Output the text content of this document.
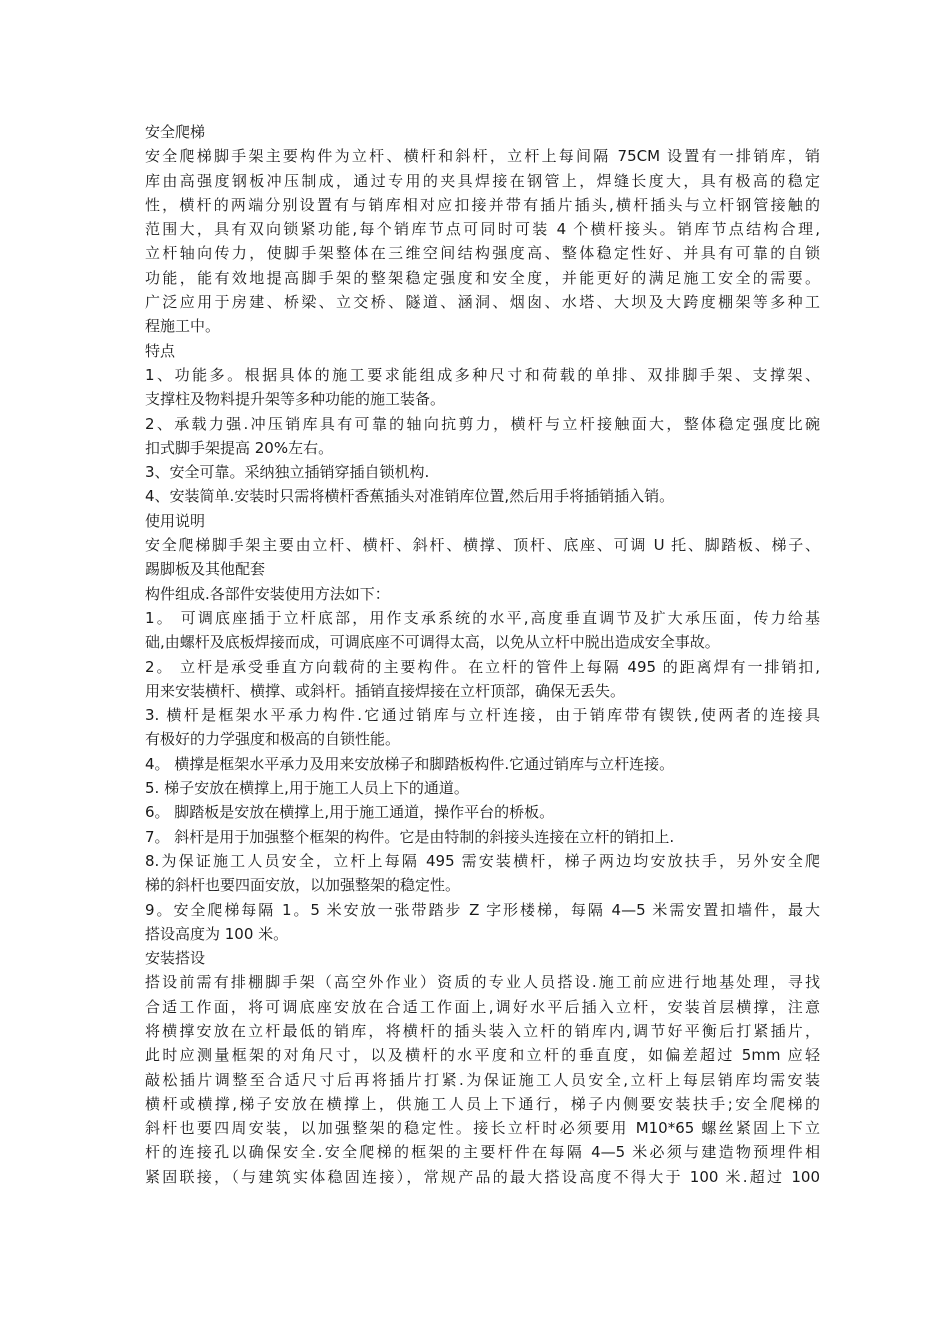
安全爬梯
安全爬梯脚手架主要构件为立杆、横杆和斜杆，立杆上每间隔 75CM 设置有一排销库，销
库由高强度钢板冲压制成，通过专用的夹具焊接在钢管上，焊缝长度大，具有极高的稳定
性，横杆的两端分别设置有与销库相对应扣接并带有插片插头,横杆插头与立杆钢管接触的
范围大，具有双向锁紧功能,每个销库节点可同时可装 4 个横杆接头。销库节点结构合理,
立杆轴向传力，使脚手架整体在三维空间结构强度高、整体稳定性好、并具有可靠的自锁
功能，能有效地提高脚手架的整架稳定强度和安全度，并能更好的满足施工安全的需要。
广泛应用于房建、桥梁、立交桥、隧道、涵洞、烟囱、水塔、大坝及大跨度棚架等多种工
程施工中。
特点
1、功能多。根据具体的施工要求能组成多种尺寸和荷载的单排、双排脚手架、支撑架、
支撑柱及物料提升架等多种功能的施工装备。
2、承载力强.冲压销库具有可靠的轴向抗剪力，横杆与立杆接触面大，整体稳定强度比碗
扣式脚手架提高 20%左右。
3、安全可靠。采纳独立插销穿插自锁机构.
4、安装简单.安装时只需将横杆香蕉插头对准销库位置,然后用手将插销插入销。
使用说明
安全爬梯脚手架主要由立杆、横杆、斜杆、横撑、顶杆、底座、可调 U 托、脚踏板、梯子、
踢脚板及其他配套
构件组成.各部件安装使用方法如下：
1。 可调底座插于立杆底部，用作支承系统的水平,高度垂直调节及扩大承压面，传力给基
础,由螺杆及底板焊接而成，可调底座不可调得太高，以免从立杆中脱出造成安全事故。
2。 立杆是承受垂直方向载荷的主要构件。在立杆的管件上每隔 495 的距离焊有一排销扣,
用来安装横杆、横撑、或斜杆。插销直接焊接在立杆顶部，确保无丢失。
3. 横杆是框架水平承力构件.它通过销库与立杆连接，由于销库带有锲铁,使两者的连接具
有极好的力学强度和极高的自锁性能。
4。 横撑是框架水平承力及用来安放梯子和脚踏板构件.它通过销库与立杆连接。
5. 梯子安放在横撑上,用于施工人员上下的通道。
6。 脚踏板是安放在横撑上,用于施工通道，操作平台的桥板。
7。 斜杆是用于加强整个框架的构件。它是由特制的斜接头连接在立杆的销扣上.
8.为保证施工人员安全，立杆上每隔 495 需安装横杆，梯子两边均安放扶手，另外安全爬
梯的斜杆也要四面安放，以加强整架的稳定性。
9。安全爬梯每隔 1。5 米安放一张带踏步 Z 字形楼梯，每隔 4—5 米需安置扣墙件，最大
搭设高度为 100 米。
安装搭设
搭设前需有排棚脚手架（高空外作业）资质的专业人员搭设.施工前应进行地基处理，寻找
合适工作面，将可调底座安放在合适工作面上,调好水平后插入立杆，安装首层横撑，注意
将横撑安放在立杆最低的销库，将横杆的插头装入立杆的销库内,调节好平衡后打紧插片，
此时应测量框架的对角尺寸，以及横杆的水平度和立杆的垂直度，如偏差超过 5mm 应轻
敲松插片调整至合适尺寸后再将插片打紧.为保证施工人员安全,立杆上每层销库均需安装
横杆或横撑,梯子安放在横撑上，供施工人员上下通行，梯子内侧要安装扶手;安全爬梯的
斜杆也要四周安装，以加强整架的稳定性。接长立杆时必须要用 M10*65 螺丝紧固上下立
杆的连接孔以确保安全.安全爬梯的框架的主要杆件在每隔 4—5 米必须与建造物预埋件相
紧固联接，（与建筑实体稳固连接），常规产品的最大搭设高度不得大于 100 米.超过 100
